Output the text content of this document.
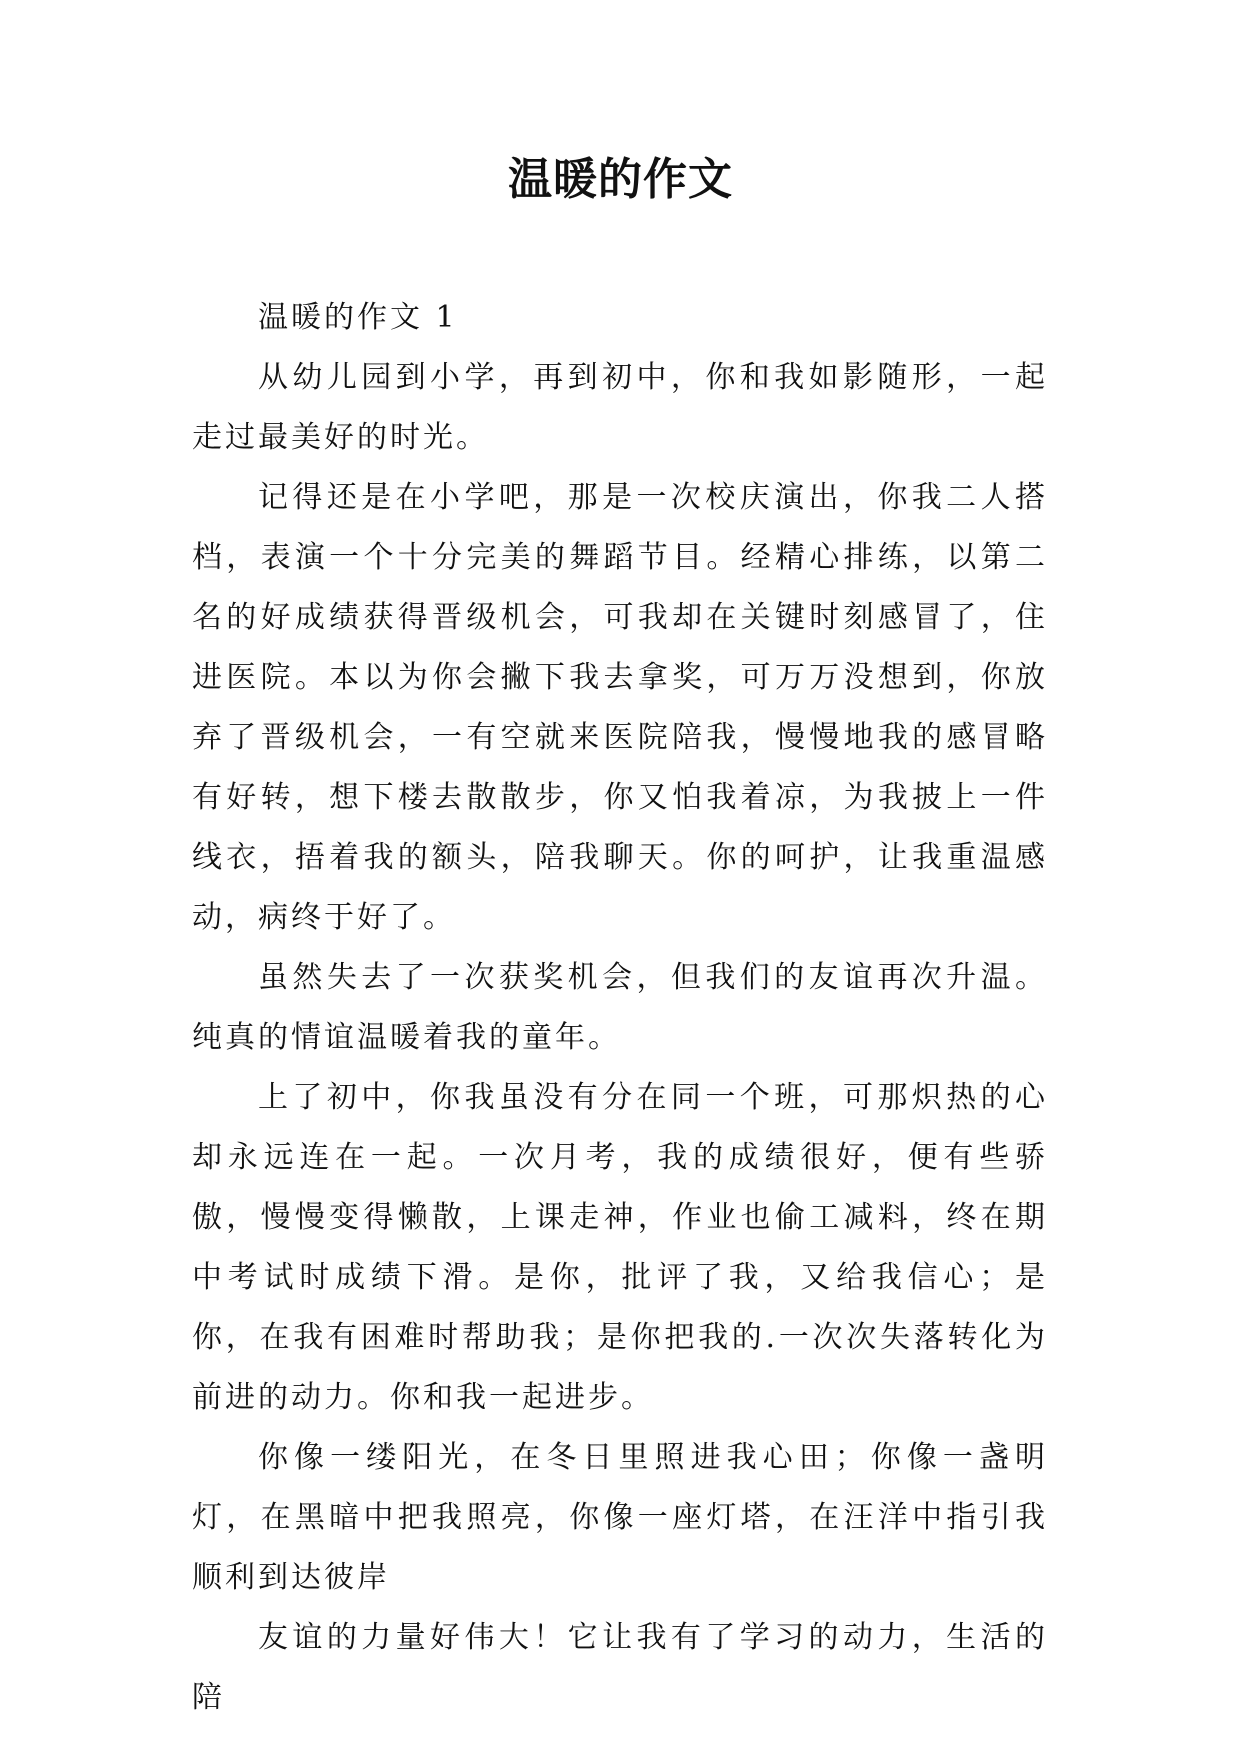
温暖的作文

温暖的作文 1

从幼儿园到小学，再到初中，你和我如影随形，一起走过最美好的时光。

记得还是在小学吧，那是一次校庆演出，你我二人搭档，表演一个十分完美的舞蹈节目。经精心排练，以第二名的好成绩获得晋级机会，可我却在关键时刻感冒了，住进医院。本以为你会撇下我去拿奖，可万万没想到，你放弃了晋级机会，一有空就来医院陪我，慢慢地我的感冒略有好转，想下楼去散散步，你又怕我着凉，为我披上一件线衣，捂着我的额头，陪我聊天。你的呵护，让我重温感动，病终于好了。

虽然失去了一次获奖机会，但我们的友谊再次升温。纯真的情谊温暖着我的童年。

上了初中，你我虽没有分在同一个班，可那炽热的心却永远连在一起。一次月考，我的成绩很好，便有些骄傲，慢慢变得懒散，上课走神，作业也偷工减料，终在期中考试时成绩下滑。是你，批评了我，又给我信心；是你，在我有困难时帮助我；是你把我的.一次次失落转化为前进的动力。你和我一起进步。

你像一缕阳光，在冬日里照进我心田；你像一盏明灯，在黑暗中把我照亮，你像一座灯塔，在汪洋中指引我顺利到达彼岸

友谊的力量好伟大！它让我有了学习的动力，生活的陪
